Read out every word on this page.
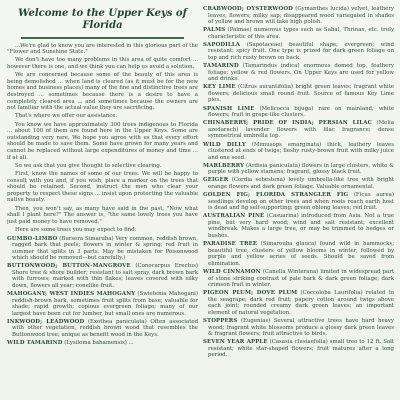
Welcome to the Upper Keys of Florida

...We're glad to know you are interested in this glorious part of the "Flower and Sunshine State."

We don't have too many problems in this area of quite comfort ... however there is one, and we think you can help us avoid a solution.

We are concerned because some of the beauty of this area is being demolished ... when land is cleared (as it must be for the new homes and business places) many of the fine and distinctive trees are destroyed ... sometimes because there is a desire to have a completely cleared area ... and sometimes because the owners are not familiar with the actual value they are sacrificing.

That's where we offer our assistance.

You know we have approximately 300 trees indigenous to Florida ... about 100 of them are found here in the Upper Keys. Some are outstanding very rare. We hope you agree with us that every effort should be made to save them. Some have grown for many years and cannot be replaced without large expenditures of money and time ... if at all.

So we ask that you give thought to selective clearing.

First, know the names of some of our trees. We will be happy to consult with you and, if you wish, place a marker on the trees that should be retained. Second, instruct the men who clear your property to respect these signs ... insist upon protecting the valuable native beauty.

Then, you won't say, as many have said in the past, "Now what shall I plant here?" The answer is, "the same lovely trees you have just paid money to have removed."

Here are some trees you may expect to find:

GUMBO-LIMBO (Bursera Simaruba) Very common, reddish brown, ragged bark that peels; flowers in winter & spring; red fruit in summer that splits in 3 parts. May be mistaken for Poisonwood which should be removed—but carefully.)

BUTTONWOOD; BUTTON-MANGROVE (Conocarpus Erectus) Shore tree & shore builder; resistant to salt spray, dark brown bark with furrows; marked with thin flakes; leaves covered with silky down, flowers all year; conelike fruit.

MAHOGANY; WEST INDIES MAHOGANY (Swietenia Mahogani) reddish-brown bark, sometimes fruit splits from base; valuable for shade; rapid growth; copious evergreen foliage; many of our largest have been cut for lumber, but small ones are numerous.

INKWOOD; LEADWOOD (Exothea paniculata) Often associated with other vegetation, reddish brown wood that resembles the Buttonwood tree; unique as benefit wood in the Keys.

WILD TAMARIND (Lysiloma bahamensis) ...

CRABWOOD; OYSTERWOOD (Gymanthes lucida) velvet, leathery leaves; flowers; milky sap; disappeared wood variegated in shades of yellow and brown will take high polish.

PALMS (Palmae) numerous types such as Sabal, Thrinax, etc. truly characteristic of this area.

SAPODILLA (Sapotaceae) beautiful shape; evergreen; wind resistant; spicy fruit. One type is prized for dark green foliage on top and rich rusty brown on back.

TAMARIND (Tamarindus indica) enormous domed top, feathery foliage; yellow & red flowers. On Upper Keys are used for yellow and drinks.

KEY LIME (Citrus aurantifolia) bright green leaves; fragrant white flowers; delicious small round fruit. Source of famous Key Lime pies.

SPANISH LIME (Melicocca bijuga) rare on mainland; white flowers; fruit in grape-like clusters.

CHINABERRY; PRIDE OF INDIA; PERSIAN LILAC (Melia azedarach) lavender flowers with lilac fragrance; dense symmetrical umbrella top.

WILD DILLY (Mimusops emarginata) thick, leathery leaves clustered at ends of twigs; fleshy rusty-brown fruit with milky juice and one seed.

MARLBERRY (Ardisia paniculata) flowers in large clusters, white & purple with yellow stamens; fragrant, glossy black fruit.

GEIGER (Cordia sebestena) lovely umbrella-like tree with bright orange flowers and dark green foliage. Valuable ornamental.

GOLDEN FIG; FLORIDA STRANGLER FIG (Ficus aurea) seedlings develop on other trees and when roots reach earth host is dead and fig self-supporting; green oblong leaves; red fruit.

AUSTRALIAN PINE (Casuarina) introduced from Asia. Not a true pine, but very hard wood; wind and salt resistant; excellent windbreak. Makes a large tree, or may be trimmed to hedges or bushes.

PARADISE TREE (Simarouba glauca) found wild in hammocks; beautiful tree, clusters of yellow blooms in winter, followed by purple and yellow series of seeds. Should be saved from elimination.

WILD CINNAMON (Canella Winterana) limited in widespread part of stone striking contrast of pale bark & dark green foliage; dark crimson fruit in winter.

PIGEON PLUM; DOVE PLUM (Coccoloba Laurifolia) related to the seagrape; dark red fruit; papery cotton around twigs above each joint; rounded creamy dark green leaves; an important element of natural vegetation.

STOPPERS (Eugenias) Several attractive trees have hard heavy wood; fragrant white blossoms produce a glossy dark green leaves & fragrant flowers; fruit attractive to birds.

SEVEN YEAR APPLE (Casasia clusiaefolia) small tree to 12 ft. Salt resistant; white star-shaped flowers; fruit matures after a long period.
